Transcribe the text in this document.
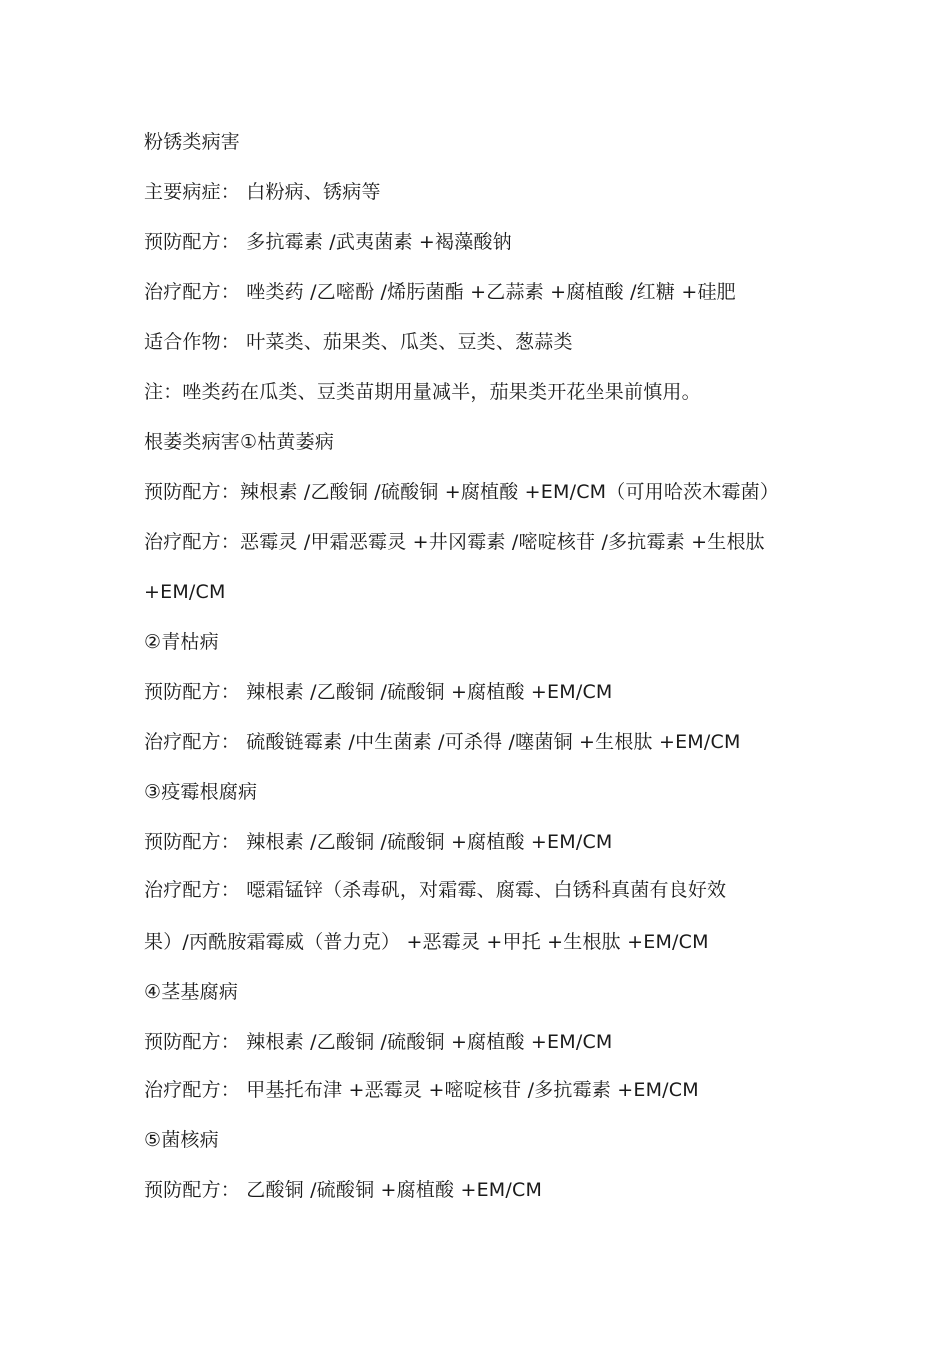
粉锈类病害
主要病症： 白粉病、锈病等
预防配方： 多抗霉素 /武夷菌素 +褐藻酸钠
治疗配方： 唑类药 /乙嘧酚 /烯肟菌酯 +乙蒜素 +腐植酸 /红糖 +硅肥
适合作物： 叶菜类、茄果类、瓜类、豆类、葱蒜类
注：唑类药在瓜类、豆类苗期用量减半，茄果类开花坐果前慎用。
根萎类病害①枯黄萎病
预防配方：辣根素 /乙酸铜 /硫酸铜 +腐植酸 +EM/CM（可用哈茨木霉菌）
治疗配方：恶霉灵 /甲霜恶霉灵 +井冈霉素 /嘧啶核苷 /多抗霉素 +生根肽
+EM/CM
②青枯病
预防配方： 辣根素 /乙酸铜 /硫酸铜 +腐植酸 +EM/CM
治疗配方： 硫酸链霉素 /中生菌素 /可杀得 /噻菌铜 +生根肽 +EM/CM
③疫霉根腐病
预防配方： 辣根素 /乙酸铜 /硫酸铜 +腐植酸 +EM/CM
治疗配方： 噁霜锰锌（杀毒矾，对霜霉、腐霉、白锈科真菌有良好效
果）/丙酰胺霜霉威（普力克） +恶霉灵 +甲托 +生根肽 +EM/CM
④茎基腐病
预防配方： 辣根素 /乙酸铜 /硫酸铜 +腐植酸 +EM/CM
治疗配方： 甲基托布津 +恶霉灵 +嘧啶核苷 /多抗霉素 +EM/CM
⑤菌核病
预防配方： 乙酸铜 /硫酸铜 +腐植酸 +EM/CM
